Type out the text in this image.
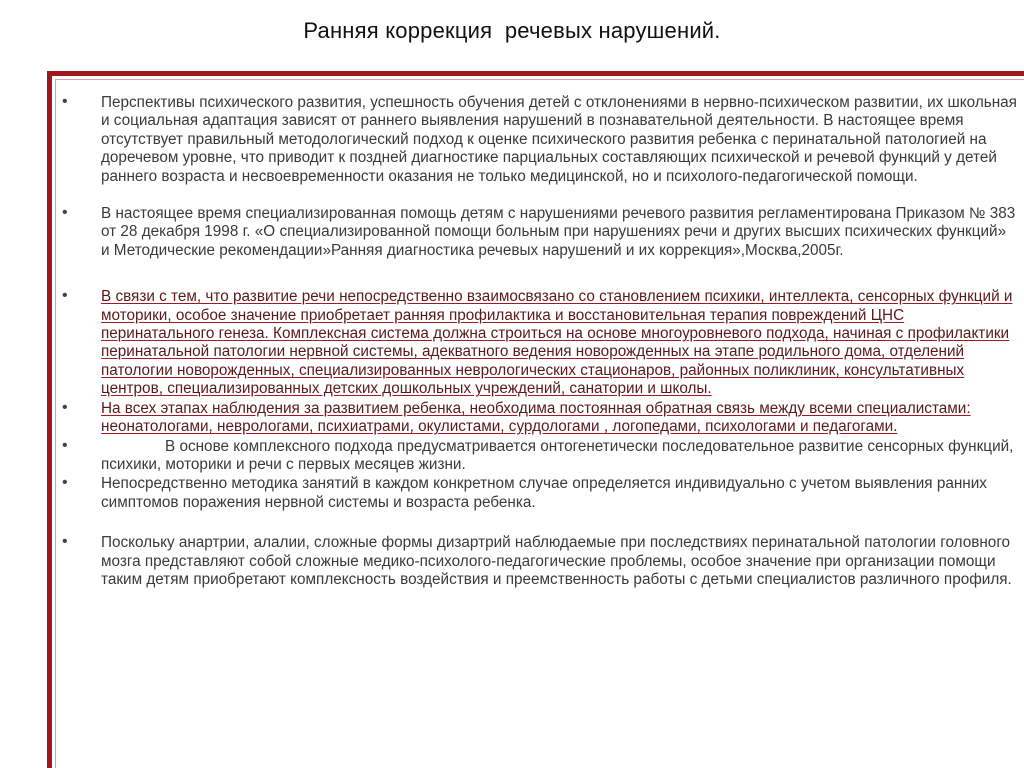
Ранняя коррекция  речевых нарушений.
• Перспективы психического развития, успешность обучения детей с отклонениями в нервно-психическом развитии, их школьная и социальная адаптация зависят от раннего выявления нарушений в познавательной деятельности. В настоящее время отсутствует правильный методологический подход к оценке психического развития ребенка с перинатальной патологией на доречевом уровне, что приводит к поздней диагностике парциальных составляющих психической и речевой функций у детей раннего возраста и несвоевременности оказания не только медицинской, но и психолого-педагогической помощи.
• В настоящее время специализированная помощь детям с нарушениями речевого развития регламентирована Приказом № 383 от 28 декабря 1998 г. «О специализированной помощи больным при нарушениях речи и других высших психических функций» и Методические рекомендации»Ранняя диагностика речевых нарушений и их коррекция»,Москва,2005г.
• В связи с тем, что развитие речи непосредственно взаимосвязано со становлением психики, интеллекта, сенсорных функций и моторики, особое значение приобретает ранняя профилактика и восстановительная терапия повреждений ЦНС перинатального генеза. Комплексная система должна строиться на основе многоуровневого подхода, начиная с профилактики перинатальной патологии нервной системы, адекватного ведения новорожденных на этапе родильного дома, отделений патологии новорожденных, специализированных неврологических стационаров, районных поликлиник, консультативных центров, специализированных детских дошкольных учреждений, санатории и школы.
• На всех этапах наблюдения за развитием ребенка, необходима постоянная обратная связь между всеми специалистами: неонатологами, неврологами, психиатрами, окулистами, сурдологами , логопедами, психологами и педагогами.
•	В основе комплексного подхода предусматривается онтогенетически последовательное развитие сенсорных функций, психики, моторики и речи с первых месяцев жизни.
• Непосредственно методика занятий в каждом конкретном случае определяется индивидуально с учетом выявления ранних симптомов поражения нервной системы и возраста ребенка.
• Поскольку анартрии, алалии, сложные формы дизартрий наблюдаемые при последствиях перинатальной патологии головного мозга представляют собой сложные медико-психолого-педагогические проблемы, особое значение при организации помощи таким детям приобретают комплексность воздействия и преемственность работы с детьми специалистов различного профиля.
